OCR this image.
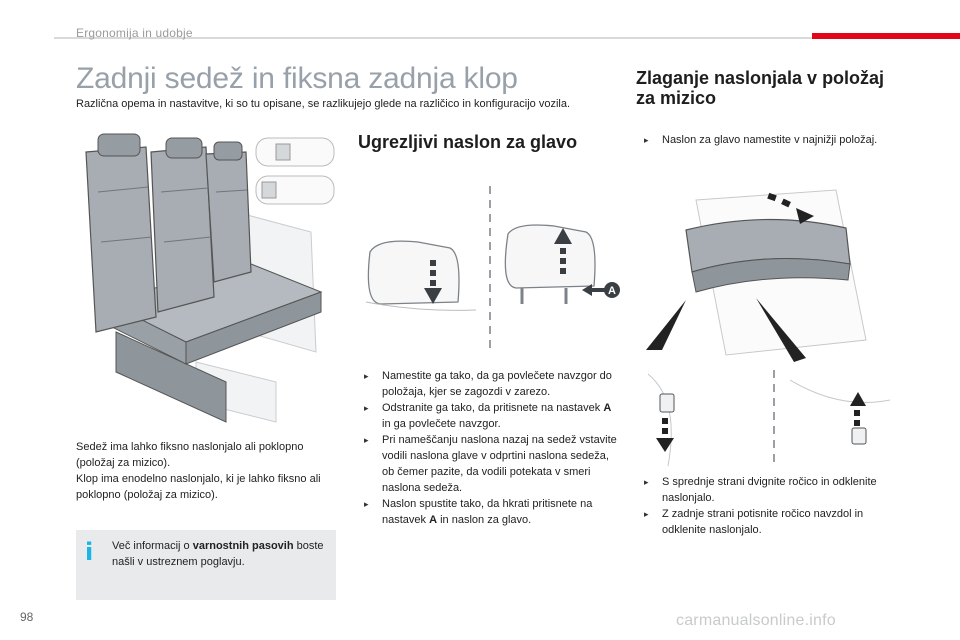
Ergonomija in udobje
Zadnji sedež in fiksna zadnja klop
Različna opema in nastavitve, ki so tu opisane, se razlikujejo glede na različico in konfiguracijo vozila.

Sedež ima lahko fiksno naslonjalo ali poklopno (položaj za mizico).

Klop ima enodelno naslonjalo, ki je lahko fiksno ali poklopno (položaj za mizico).

i Več informacij o varnostnih pasovih boste našli v ustreznem poglavju.
Ugrezljivi naslon za glavo
A
▸ Namestite ga tako, da ga povlečete navzgor do položaja, kjer se zagozdi v zarezo.
▸ Odstranite ga tako, da pritisnete na nastavek A in ga povlečete navzgor.
▸ Pri nameščanju naslona nazaj na sedež vstavite vodili naslona glave v odprtini naslona sedeža, ob čemer pazite, da vodili potekata v smeri naslona sedeža.
▸ Naslon spustite tako, da hkrati pritisnete na nastavek A in naslon za glavo.
Zlaganje naslonjala v položaj za mizico
▸ Naslon za glavo namestite v najnižji položaj.
▸ S sprednje strani dvignite ročico in odklenite naslonjalo.
▸ Z zadnje strani potisnite ročico navzdol in odklenite naslonjalo.
98	carmanualsonline.info
